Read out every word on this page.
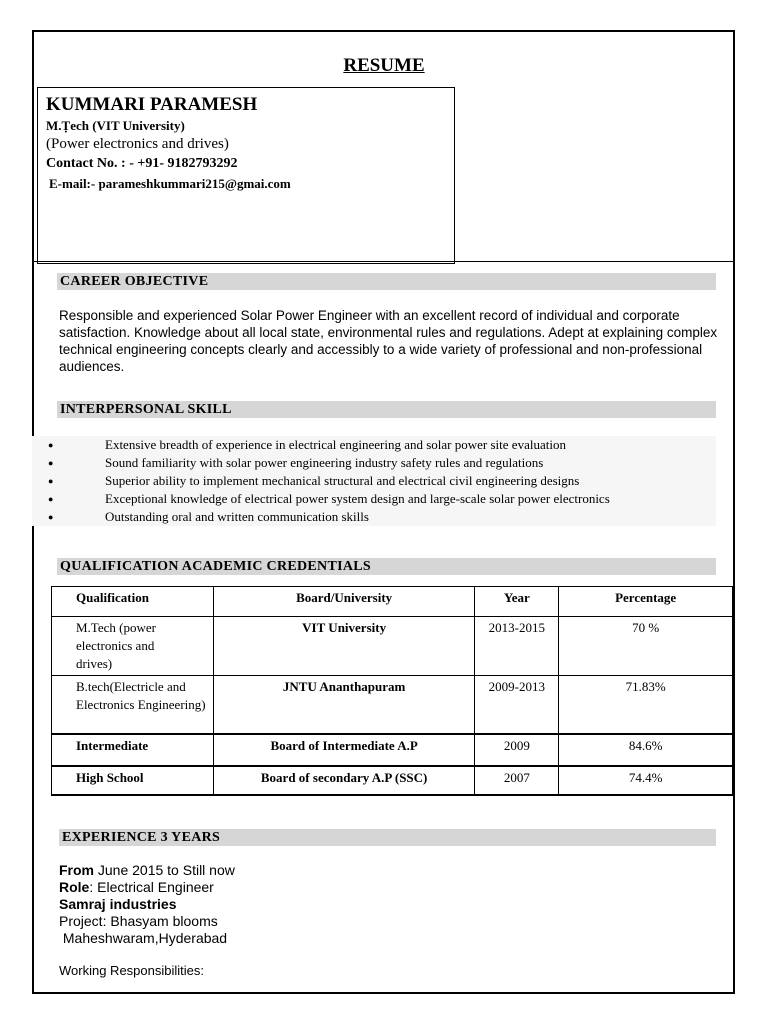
RESUME
KUMMARI PARAMESH
M.Ṭech (VIT University)
(Power electronics and drives)
Contact No. : - +91- 9182793292
E-mail:- parameshkummari215@gmai.com
CAREER OBJECTIVE
Responsible and experienced Solar Power Engineer with an excellent record of individual and corporate satisfaction. Knowledge about all local state, environmental rules and regulations. Adept at explaining complex technical engineering concepts clearly and accessibly to a wide variety of professional and non-professional audiences.
INTERPERSONAL SKILL
●	Extensive breadth of experience in electrical engineering and solar power site evaluation
●	Sound familiarity with solar power engineering industry safety rules and regulations
●	Superior ability to implement mechanical structural and electrical civil engineering designs
●	Exceptional knowledge of electrical power system design and large-scale solar power electronics
●	Outstanding oral and written communication skills
QUALIFICATION ACADEMIC CREDENTIALS
Qualification	Board/University	Year	Percentage

M.Tech (power electronics and drives)	VIT University	2013-2015	70 %

B.tech(Electricle and Electronics Engineering)	JNTU Ananthapuram	2009-2013	71.83%

Intermediate	Board of Intermediate A.P	2009	84.6%

High School	Board of secondary A.P (SSC)	2007	74.4%
EXPERIENCE 3 YEARS
From June 2015 to Still now
Role: Electrical Engineer
Samraj industries
Project: Bhasyam blooms
Maheshwaram,Hyderabad
Working Responsibilities:
